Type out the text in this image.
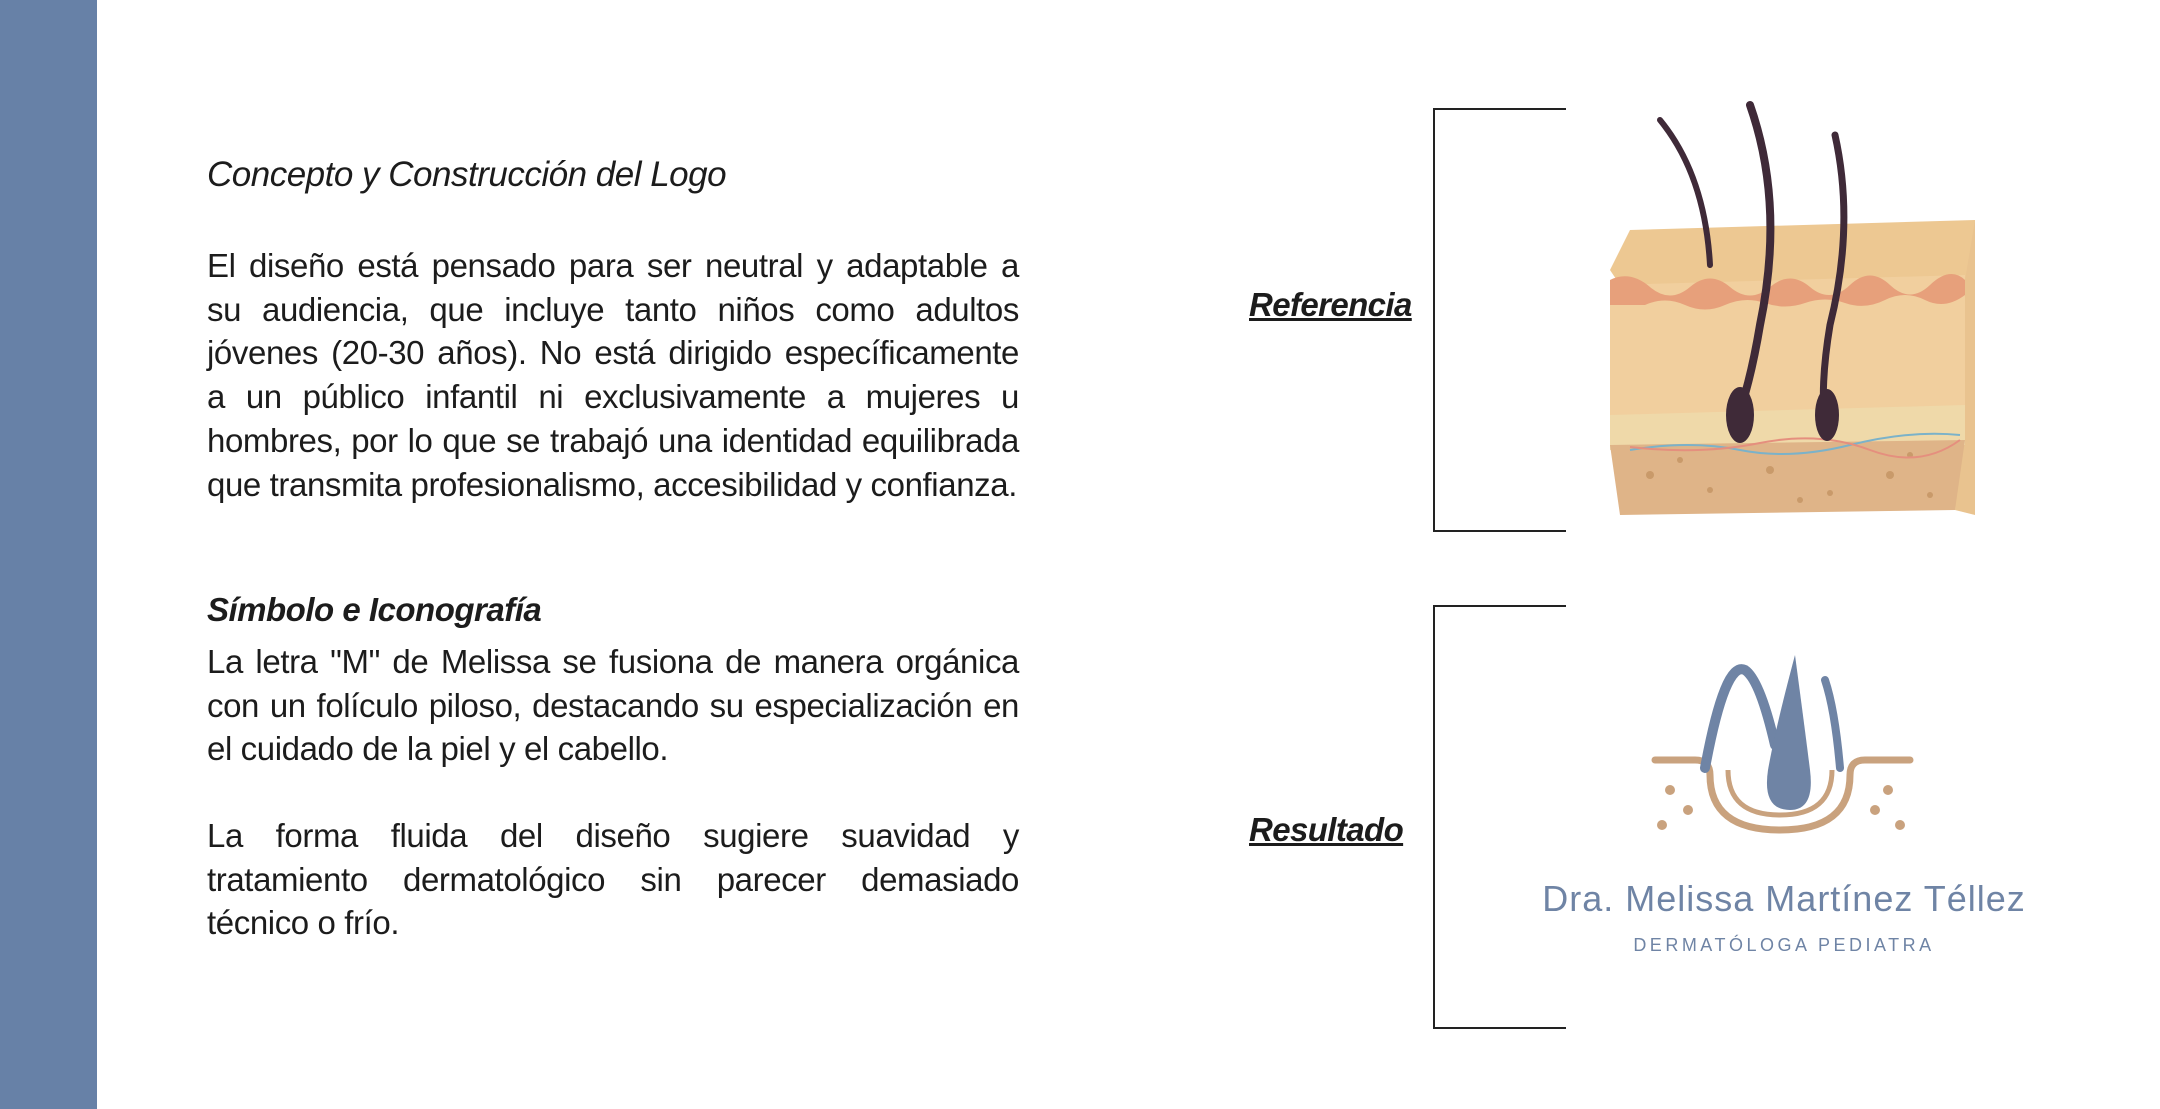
Concepto y Construcción del Logo
El diseño está pensado para ser neutral y adaptable a su audiencia, que incluye tanto niños como adultos jóvenes (20-30 años). No está dirigido específicamente a un público infantil ni exclusivamente a mujeres u hombres, por lo que se trabajó una identidad equilibrada que transmita profesionalismo, accesibilidad y confianza.
Símbolo e Iconografía
La letra "M" de Melissa se fusiona de manera orgánica con un folículo piloso, destacando su especialización en el cuidado de la piel y el cabello.
La forma fluida del diseño sugiere suavidad y tratamiento dermatológico sin parecer demasiado técnico o frío.
Referencia
Resultado
Dra. Melissa Martínez Téllez
DERMATÓLOGA PEDIATRA
